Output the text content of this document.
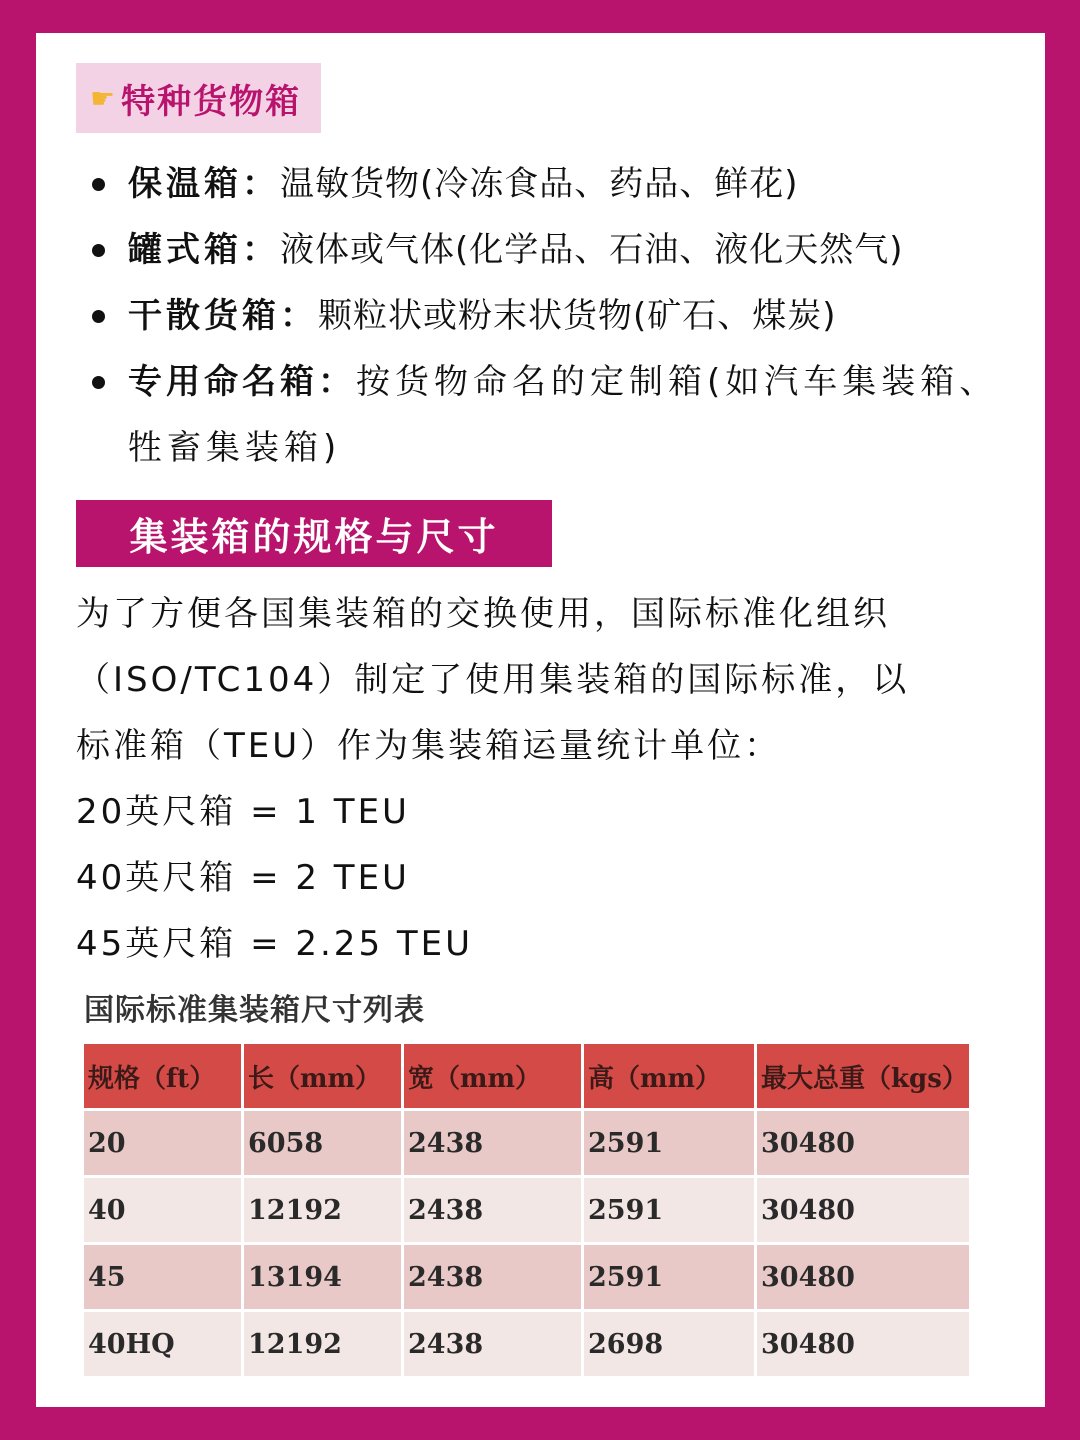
☛ 特种货物箱
保温箱：温敏货物(冷冻食品、药品、鲜花)
罐式箱：液体或气体(化学品、石油、液化天然气)
干散货箱：颗粒状或粉末状货物(矿石、煤炭)
专用命名箱：按货物命名的定制箱(如汽车集装箱、牲畜集装箱)
集装箱的规格与尺寸

为了方便各国集装箱的交换使用，国际标准化组织

（ISO/TC104）制定了使用集装箱的国际标准，以

标准箱（TEU）作为集装箱运量统计单位：

20英尺箱 = 1 TEU
40英尺箱 = 2 TEU
45英尺箱 = 2.25 TEU
国际标准集装箱尺寸列表
规格（ft）	长（mm）	宽（mm）	高（mm）	最大总重（kgs）
20	6058	2438	2591	30480
40	12192	2438	2591	30480
45	13194	2438	2591	30480
40HQ	12192	2438	2698	30480
